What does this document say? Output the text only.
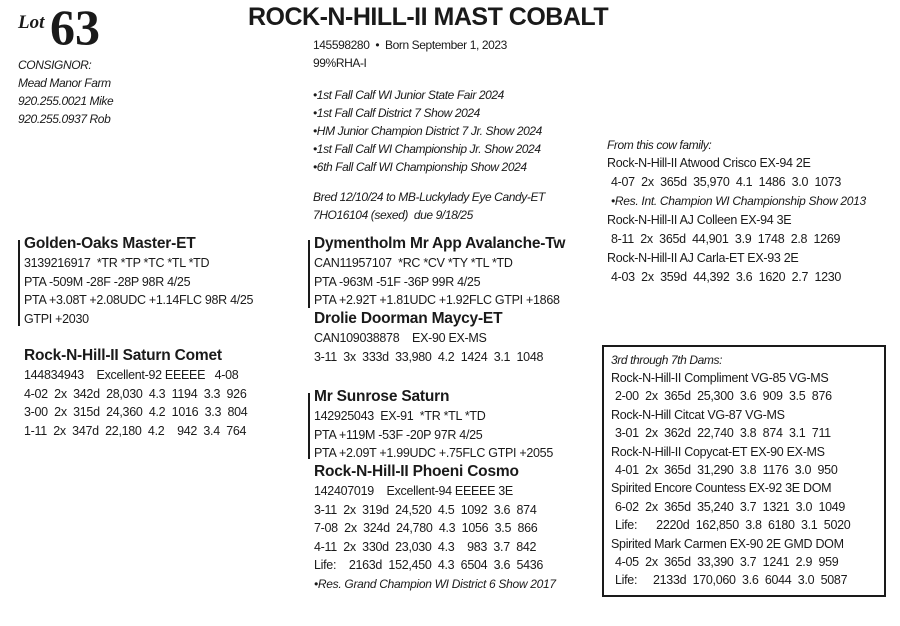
Lot 63	ROCK-N-HILL-II MAST COBALT
CONSIGNOR:
Mead Manor Farm
920.255.0021 Mike
920.255.0937 Rob
145598280  •  Born September 1, 2023
99%RHA-I
•1st Fall Calf WI Junior State Fair 2024
•1st Fall Calf District 7 Show 2024
•HM Junior Champion District 7 Jr. Show 2024
•1st Fall Calf WI Championship Jr. Show 2024
•6th Fall Calf WI Championship Show 2024
Bred 12/10/24 to MB-Luckylady Eye Candy-ET
7HO16104 (sexed)  due 9/18/25
Golden-Oaks Master-ET
3139216917  *TR *TP *TC *TL *TD
PTA -509M -28F -28P 98R 4/25
PTA +3.08T +2.08UDC +1.14FLC 98R 4/25
GTPI +2030
Rock-N-Hill-II Saturn Comet
144834943    Excellent-92 EEEEE   4-08
4-02  2x  342d  28,030  4.3  1194  3.3  926
3-00  2x  315d  24,360  4.2  1016  3.3  804
1-11  2x  347d  22,180  4.2    942  3.4  764
Dymentholm Mr App Avalanche-Tw
CAN11957107  *RC *CV *TY *TL *TD
PTA -963M -51F -36P 99R 4/25
PTA +2.92T +1.81UDC +1.92FLC GTPI +1868
Drolie Doorman Maycy-ET
CAN109038878    EX-90 EX-MS
3-11  3x  333d  33,980  4.2  1424  3.1  1048
Mr Sunrose Saturn
142925043  EX-91  *TR *TL *TD
PTA +119M -53F -20P 97R 4/25
PTA +2.09T +1.99UDC +.75FLC GTPI +2055
Rock-N-Hill-II Phoeni Cosmo
142407019    Excellent-94 EEEEE 3E
3-11  2x  319d  24,520  4.5  1092  3.6  874
7-08  2x  324d  24,780  4.3  1056  3.5  866
4-11  2x  330d  23,030  4.3    983  3.7  842
Life:    2163d  152,450  4.3  6504  3.6  5436
•Res. Grand Champion WI District 6 Show 2017
From this cow family:
Rock-N-Hill-II Atwood Crisco EX-94 2E
4-07  2x  365d  35,970  4.1  1486  3.0  1073
•Res. Int. Champion WI Championship Show 2013
Rock-N-Hill-II AJ Colleen EX-94 3E
8-11  2x  365d  44,901  3.9  1748  2.8  1269
Rock-N-Hill-II AJ Carla-ET EX-93 2E
4-03  2x  359d  44,392  3.6  1620  2.7  1230
3rd through 7th Dams:
Rock-N-Hill-II Compliment VG-85 VG-MS
2-00  2x  365d  25,300  3.6  909  3.5  876
Rock-N-Hill Citcat VG-87 VG-MS
3-01  2x  362d  22,740  3.8  874  3.1  711
Rock-N-Hill-II Copycat-ET EX-90 EX-MS
4-01  2x  365d  31,290  3.8  1176  3.0  950
Spirited Encore Countess EX-92 3E DOM
6-02  2x  365d  35,240  3.7  1321  3.0  1049
Life:      2220d  162,850  3.8  6180  3.1  5020
Spirited Mark Carmen EX-90 2E GMD DOM
4-05  2x  365d  33,390  3.7  1241  2.9  959
Life:     2133d  170,060  3.6  6044  3.0  5087
